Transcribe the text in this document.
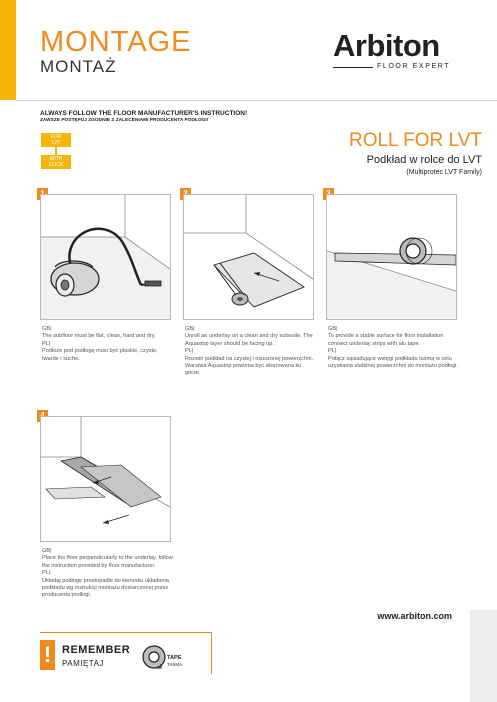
MONTAGE
MONTAŻ
Arbiton
FLOOR EXPERT
ALWAYS FOLLOW THE FLOOR MANUFACTURER'S INSTRUCTION!
ZAWSZE POSTĘPUJ ZGODNIE Z ZALECENIAMI PRODUCENTA PODŁOGI!
FOR
LVT
WITH
CLICK
ROLL FOR LVT
Podkład w rolce do LVT
(Multiprotec LVT Family)
GB|
The subfloor must be flat, clean, hard and dry.
PL|
Podłoże pod podłogę musi być płaskie, czyste, twarde i suche.
GB|
Unroll an underlay on a clean and dry subsoile. The Aquastop layer should be facing up.
PL|
Rozwiń podkład na czystej i osuszonej powierzchni. Warstwa Aquastop powinna być skierowana ku górze.
GB|
To provide a stable surface for floor installation connect underlay strips with alu tape.
PL|
Połącz sąsiadujące wstęgi podkładu taśmą w celu uzyskania stabilnej powierzchni do montażu podłogi.
GB|
Place the floor perpendicularly to the underlay, follow the instruction provided by floor manufacturer.
PL|
Układaj podłogę prostopadle do kierunku układania podkładu wg instrukcji montażu dostarczonej przez producenta podłogi.
! REMEMBER
PAMIĘTAJ
TAPE
TAŚMA
www.arbiton.com
